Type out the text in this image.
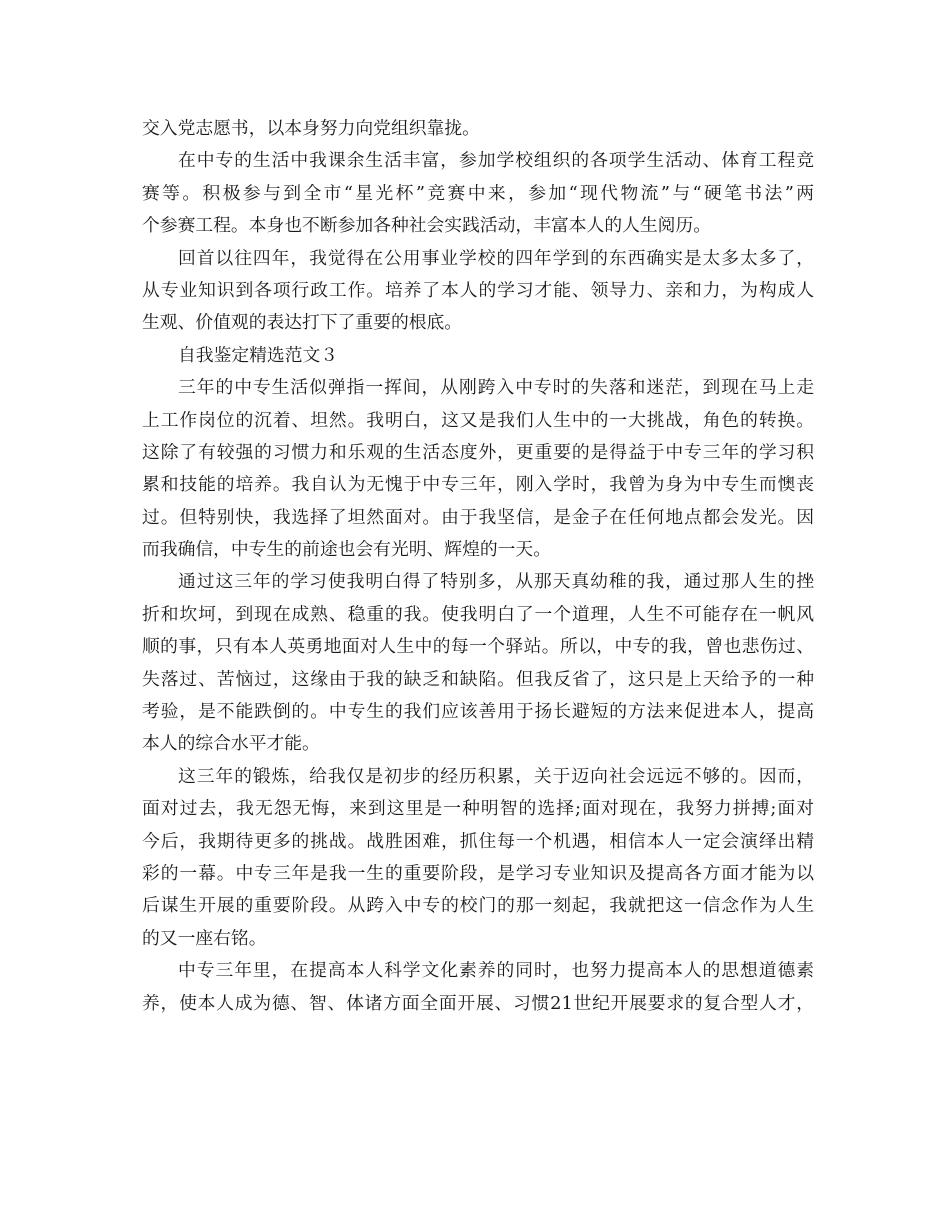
交入党志愿书，以本身努力向党组织靠拢。
在中专的生活中我课余生活丰富，参加学校组织的各项学生活动、体育工程竞
赛等。积极参与到全市“星光杯”竞赛中来，参加“现代物流”与“硬笔书法”两
个参赛工程。本身也不断参加各种社会实践活动，丰富本人的人生阅历。
回首以往四年，我觉得在公用事业学校的四年学到的东西确实是太多太多了，
从专业知识到各项行政工作。培养了本人的学习才能、领导力、亲和力，为构成人
生观、价值观的表达打下了重要的根底。
自我鉴定精选范文３
三年的中专生活似弹指一挥间，从刚跨入中专时的失落和迷茫，到现在马上走
上工作岗位的沉着、坦然。我明白，这又是我们人生中的一大挑战，角色的转换。
这除了有较强的习惯力和乐观的生活态度外，更重要的是得益于中专三年的学习积
累和技能的培养。我自认为无愧于中专三年，刚入学时，我曾为身为中专生而懊丧
过。但特别快，我选择了坦然面对。由于我坚信，是金子在任何地点都会发光。因
而我确信，中专生的前途也会有光明、辉煌的一天。
通过这三年的学习使我明白得了特别多，从那天真幼稚的我，通过那人生的挫
折和坎坷，到现在成熟、稳重的我。使我明白了一个道理，人生不可能存在一帆风
顺的事，只有本人英勇地面对人生中的每一个驿站。所以，中专的我，曾也悲伤过、
失落过、苦恼过，这缘由于我的缺乏和缺陷。但我反省了，这只是上天给予的一种
考验，是不能跌倒的。中专生的我们应该善用于扬长避短的方法来促进本人，提高
本人的综合水平才能。
这三年的锻炼，给我仅是初步的经历积累，关于迈向社会远远不够的。因而，
面对过去，我无怨无悔，来到这里是一种明智的选择;面对现在，我努力拼搏;面对
今后，我期待更多的挑战。战胜困难，抓住每一个机遇，相信本人一定会演绎出精
彩的一幕。中专三年是我一生的重要阶段，是学习专业知识及提高各方面才能为以
后谋生开展的重要阶段。从跨入中专的校门的那一刻起，我就把这一信念作为人生
的又一座右铭。
中专三年里，在提高本人科学文化素养的同时，也努力提高本人的思想道德素
养，使本人成为德、智、体诸方面全面开展、习惯21世纪开展要求的复合型人才，
